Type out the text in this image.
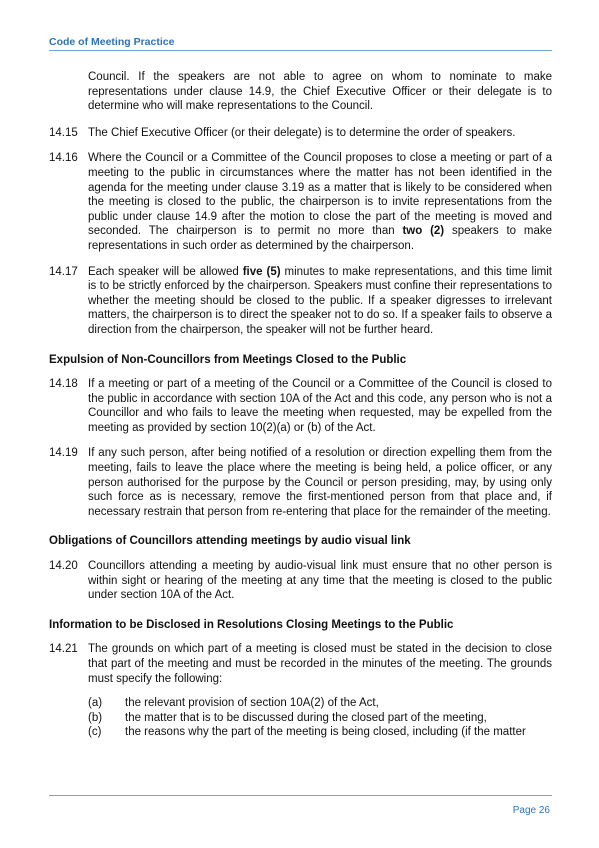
Code of Meeting Practice

Council. If the speakers are not able to agree on whom to nominate to make representations under clause 14.9, the Chief Executive Officer or their delegate is to determine who will make representations to the Council.

14.15 The Chief Executive Officer (or their delegate) is to determine the order of speakers.
14.16 Where the Council or a Committee of the Council proposes to close a meeting or part of a meeting to the public in circumstances where the matter has not been identified in the agenda for the meeting under clause 3.19 as a matter that is likely to be considered when the meeting is closed to the public, the chairperson is to invite representations from the public under clause 14.9 after the motion to close the part of the meeting is moved and seconded. The chairperson is to permit no more than two (2) speakers to make representations in such order as determined by the chairperson.
14.17 Each speaker will be allowed five (5) minutes to make representations, and this time limit is to be strictly enforced by the chairperson. Speakers must confine their representations to whether the meeting should be closed to the public. If a speaker digresses to irrelevant matters, the chairperson is to direct the speaker not to do so. If a speaker fails to observe a direction from the chairperson, the speaker will not be further heard.
Expulsion of Non-Councillors from Meetings Closed to the Public
14.18 If a meeting or part of a meeting of the Council or a Committee of the Council is closed to the public in accordance with section 10A of the Act and this code, any person who is not a Councillor and who fails to leave the meeting when requested, may be expelled from the meeting as provided by section 10(2)(a) or (b) of the Act.
14.19 If any such person, after being notified of a resolution or direction expelling them from the meeting, fails to leave the place where the meeting is being held, a police officer, or any person authorised for the purpose by the Council or person presiding, may, by using only such force as is necessary, remove the first-mentioned person from that place and, if necessary restrain that person from re-entering that place for the remainder of the meeting.
Obligations of Councillors attending meetings by audio visual link
14.20 Councillors attending a meeting by audio-visual link must ensure that no other person is within sight or hearing of the meeting at any time that the meeting is closed to the public under section 10A of the Act.
Information to be Disclosed in Resolutions Closing Meetings to the Public
14.21 The grounds on which part of a meeting is closed must be stated in the decision to close that part of the meeting and must be recorded in the minutes of the meeting. The grounds must specify the following:
(a)	the relevant provision of section 10A(2) of the Act,
(b)	the matter that is to be discussed during the closed part of the meeting,
(c)	the reasons why the part of the meeting is being closed, including (if the matter
Page 26
